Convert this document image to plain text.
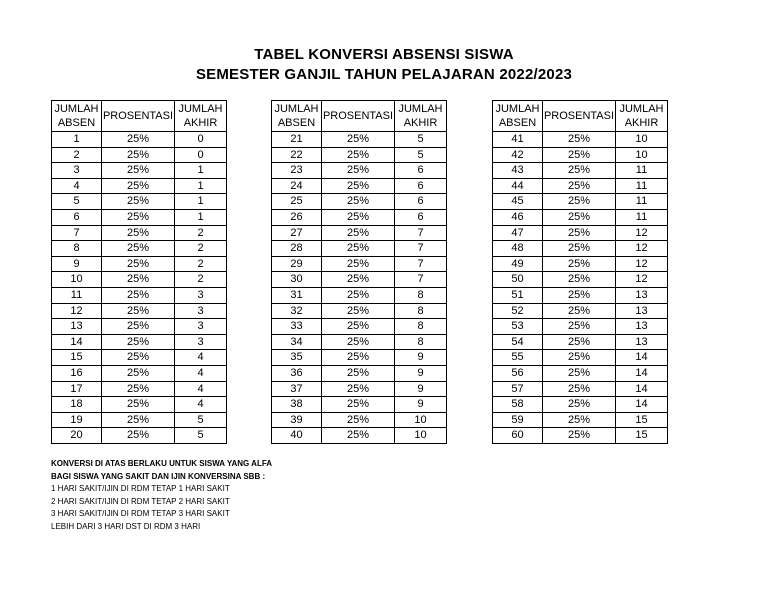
TABEL KONVERSI ABSENSI SISWA
SEMESTER GANJIL TAHUN PELAJARAN 2022/2023
JUMLAH
ABSEN	PROSENTASI	JUMLAH
AKHIR
1	25%	0
2	25%	0
3	25%	1
4	25%	1
5	25%	1
6	25%	1
7	25%	2
8	25%	2
9	25%	2
10	25%	2
11	25%	3
12	25%	3
13	25%	3
14	25%	3
15	25%	4
16	25%	4
17	25%	4
18	25%	4
19	25%	5
20	25%	5
JUMLAH
ABSEN	PROSENTASI	JUMLAH
AKHIR
21	25%	5
22	25%	5
23	25%	6
24	25%	6
25	25%	6
26	25%	6
27	25%	7
28	25%	7
29	25%	7
30	25%	7
31	25%	8
32	25%	8
33	25%	8
34	25%	8
35	25%	9
36	25%	9
37	25%	9
38	25%	9
39	25%	10
40	25%	10
JUMLAH
ABSEN	PROSENTASI	JUMLAH
AKHIR
41	25%	10
42	25%	10
43	25%	11
44	25%	11
45	25%	11
46	25%	11
47	25%	12
48	25%	12
49	25%	12
50	25%	12
51	25%	13
52	25%	13
53	25%	13
54	25%	13
55	25%	14
56	25%	14
57	25%	14
58	25%	14
59	25%	15
60	25%	15
KONVERSI DI ATAS BERLAKU UNTUK SISWA YANG ALFA
BAGI SISWA YANG SAKIT DAN IJIN KONVERSINA SBB :
1 HARI SAKIT/IJIN DI RDM TETAP 1 HARI SAKIT
2 HARI SAKIT/IJIN DI RDM TETAP 2 HARI SAKIT
3 HARI SAKIT/IJIN DI RDM TETAP 3 HARI SAKIT
LEBIH DARI 3 HARI DST DI RDM 3 HARI
